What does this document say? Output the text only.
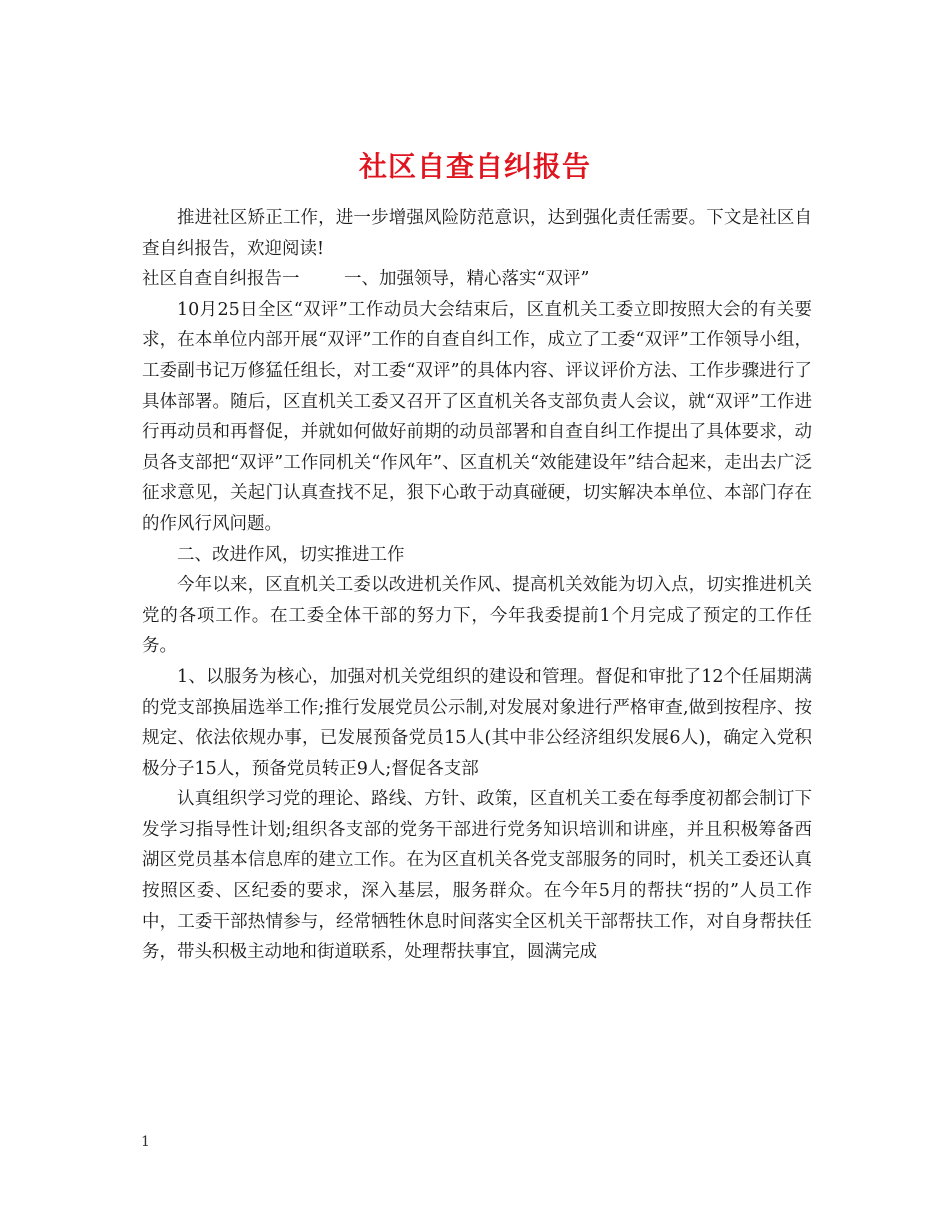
社区自查自纠报告

推进社区矫正工作，进一步增强风险防范意识，达到强化责任需要。下文是社区自查自纠报告，欢迎阅读!

社区自查自纠报告一	一、加强领导，精心落实“双评”

10月25日全区“双评”工作动员大会结束后，区直机关工委立即按照大会的有关要求，在本单位内部开展“双评”工作的自查自纠工作，成立了工委“双评”工作领导小组，工委副书记万修猛任组长，对工委“双评”的具体内容、评议评价方法、工作步骤进行了具体部署。随后，区直机关工委又召开了区直机关各支部负责人会议，就“双评”工作进行再动员和再督促，并就如何做好前期的动员部署和自查自纠工作提出了具体要求，动员各支部把“双评”工作同机关“作风年”、区直机关“效能建设年”结合起来，走出去广泛征求意见，关起门认真查找不足，狠下心敢于动真碰硬，切实解决本单位、本部门存在的作风行风问题。

二、改进作风，切实推进工作

今年以来，区直机关工委以改进机关作风、提高机关效能为切入点，切实推进机关党的各项工作。在工委全体干部的努力下，今年我委提前1个月完成了预定的工作任务。

1、以服务为核心，加强对机关党组织的建设和管理。督促和审批了12个任届期满的党支部换届选举工作;推行发展党员公示制,对发展对象进行严格审查,做到按程序、按规定、依法依规办事，已发展预备党员15人(其中非公经济组织发展6人)，确定入党积极分子15人，预备党员转正9人;督促各支部

认真组织学习党的理论、路线、方针、政策，区直机关工委在每季度初都会制订下发学习指导性计划;组织各支部的党务干部进行党务知识培训和讲座，并且积极筹备西湖区党员基本信息库的建立工作。在为区直机关各党支部服务的同时，机关工委还认真按照区委、区纪委的要求，深入基层，服务群众。在今年5月的帮扶“拐的”人员工作中，工委干部热情参与，经常牺牲休息时间落实全区机关干部帮扶工作，对自身帮扶任务，带头积极主动地和街道联系，处理帮扶事宜，圆满完成

1
